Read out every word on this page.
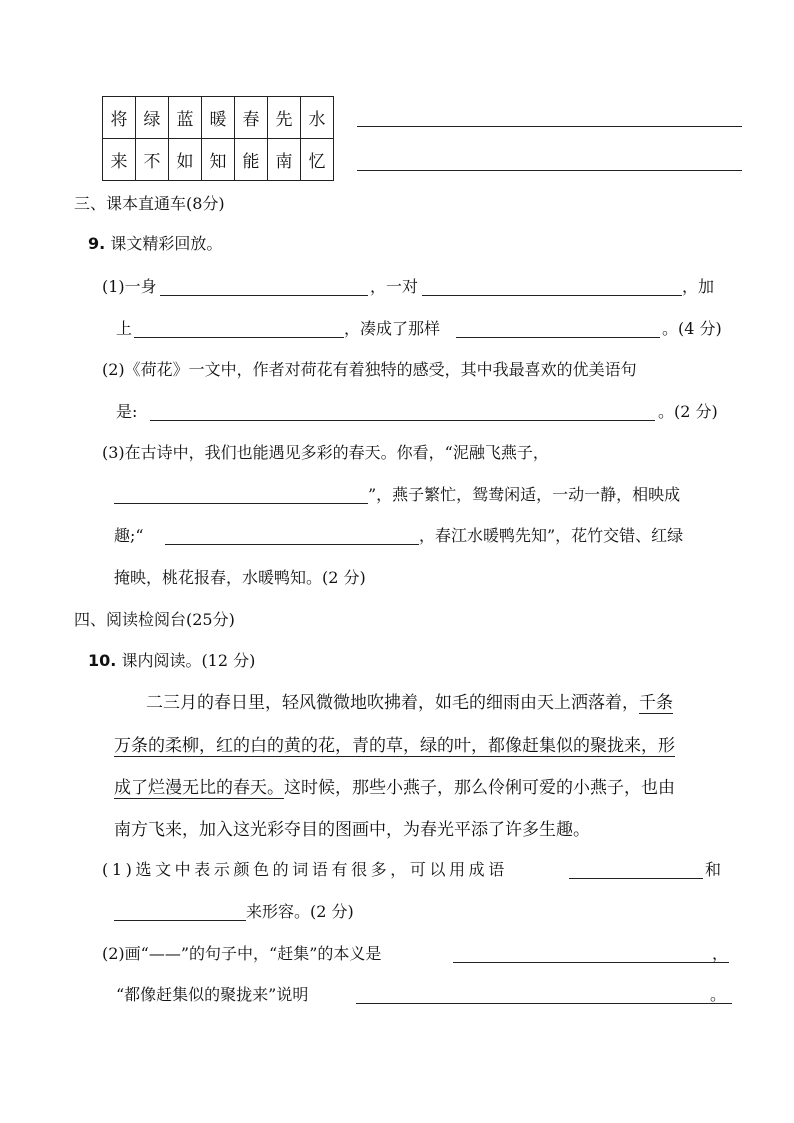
将	绿	蓝	暖	春	先	水
来	不	如	知	能	南	忆
三、课本直通车(8分)
9. 课文精彩回放。
(1)一身	，一对	，加
上	，凑成了那样	。(4 分)
(2)《荷花》一文中，作者对荷花有着独特的感受，其中我最喜欢的优美语句
是:	。(2 分)
(3)在古诗中，我们也能遇见多彩的春天。你看，“泥融飞燕子，
”，燕子繁忙，鸳鸯闲适，一动一静，相映成
趣;“	，春江水暖鸭先知”，花竹交错、红绿
掩映，桃花报春，水暖鸭知。(2 分)
四、阅读检阅台(25分)
10. 课内阅读。(12 分)
二三月的春日里，轻风微微地吹拂着，如毛的细雨由天上洒落着，千条
万条的柔柳，红的白的黄的花，青的草，绿的叶，都像赶集似的聚拢来，形
成了烂漫无比的春天。这时候，那些小燕子，那么伶俐可爱的小燕子，也由
南方飞来，加入这光彩夺目的图画中，为春光平添了许多生趣。
(1)选文中表示颜色的词语有很多，可以用成语	和
来形容。(2 分)
(2)画“——”的句子中，“赶集”的本义是	，
“都像赶集似的聚拢来”说明	。
